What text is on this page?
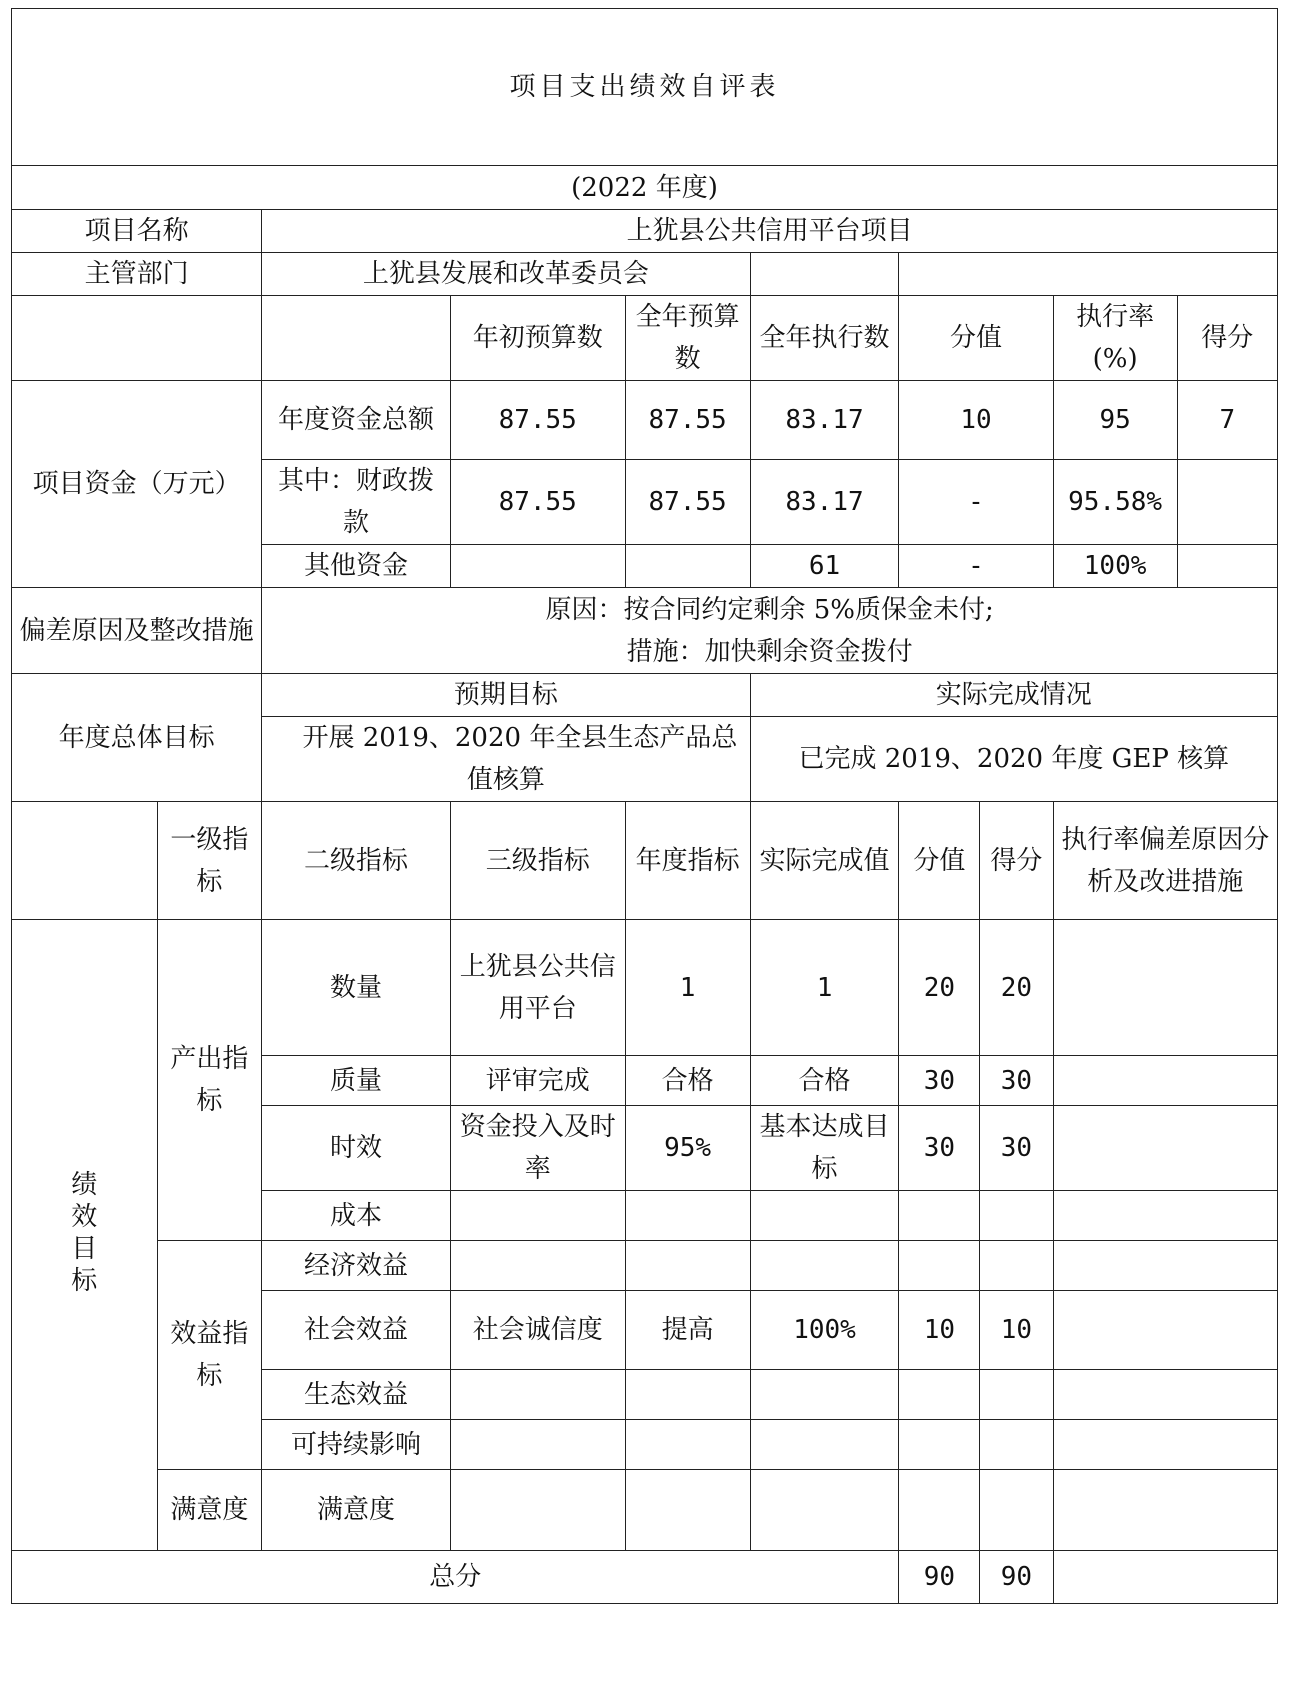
项目支出绩效自评表									
(2022 年度)									
项目名称		上犹县公共信用平台项目							
主管部门		上犹县发展和改革委员会							
			年初预算数	全年预算数	全年执行数	分值		执行率(%)	得分
项目资金（万元）		年度资金总额	87.55	87.55	83.17	10		95	7
		其中：财政拨款	87.55	87.55	83.17	-		95.58%	
		其他资金			61	-		100%	
偏差原因及整改措施		原因：按合同约定剩余 5%质保金未付;
措施：加快剩余资金拨付							

年度总体目标		预期目标			实际完成情况				
		开展 2019、2020 年全县生态产品总值核算			已完成 2019、2020 年度 GEP 核算				
	一级指标	二级指标	三级指标	年度指标	实际完成值	分值	得分	执行率偏差原因分析及改进措施	
绩效目标	产出指标	数量	上犹县公共信用平台	1	1	20	20		
		质量	评审完成	合格	合格	30	30		
		时效	资金投入及时率	95%	基本达成目标	30	30		
		成本							
	效益指标	经济效益							
		社会效益	社会诚信度	提高	100%	10	10		
		生态效益							
		可持续影响							
	满意度	满意度							
总分						90	90		
